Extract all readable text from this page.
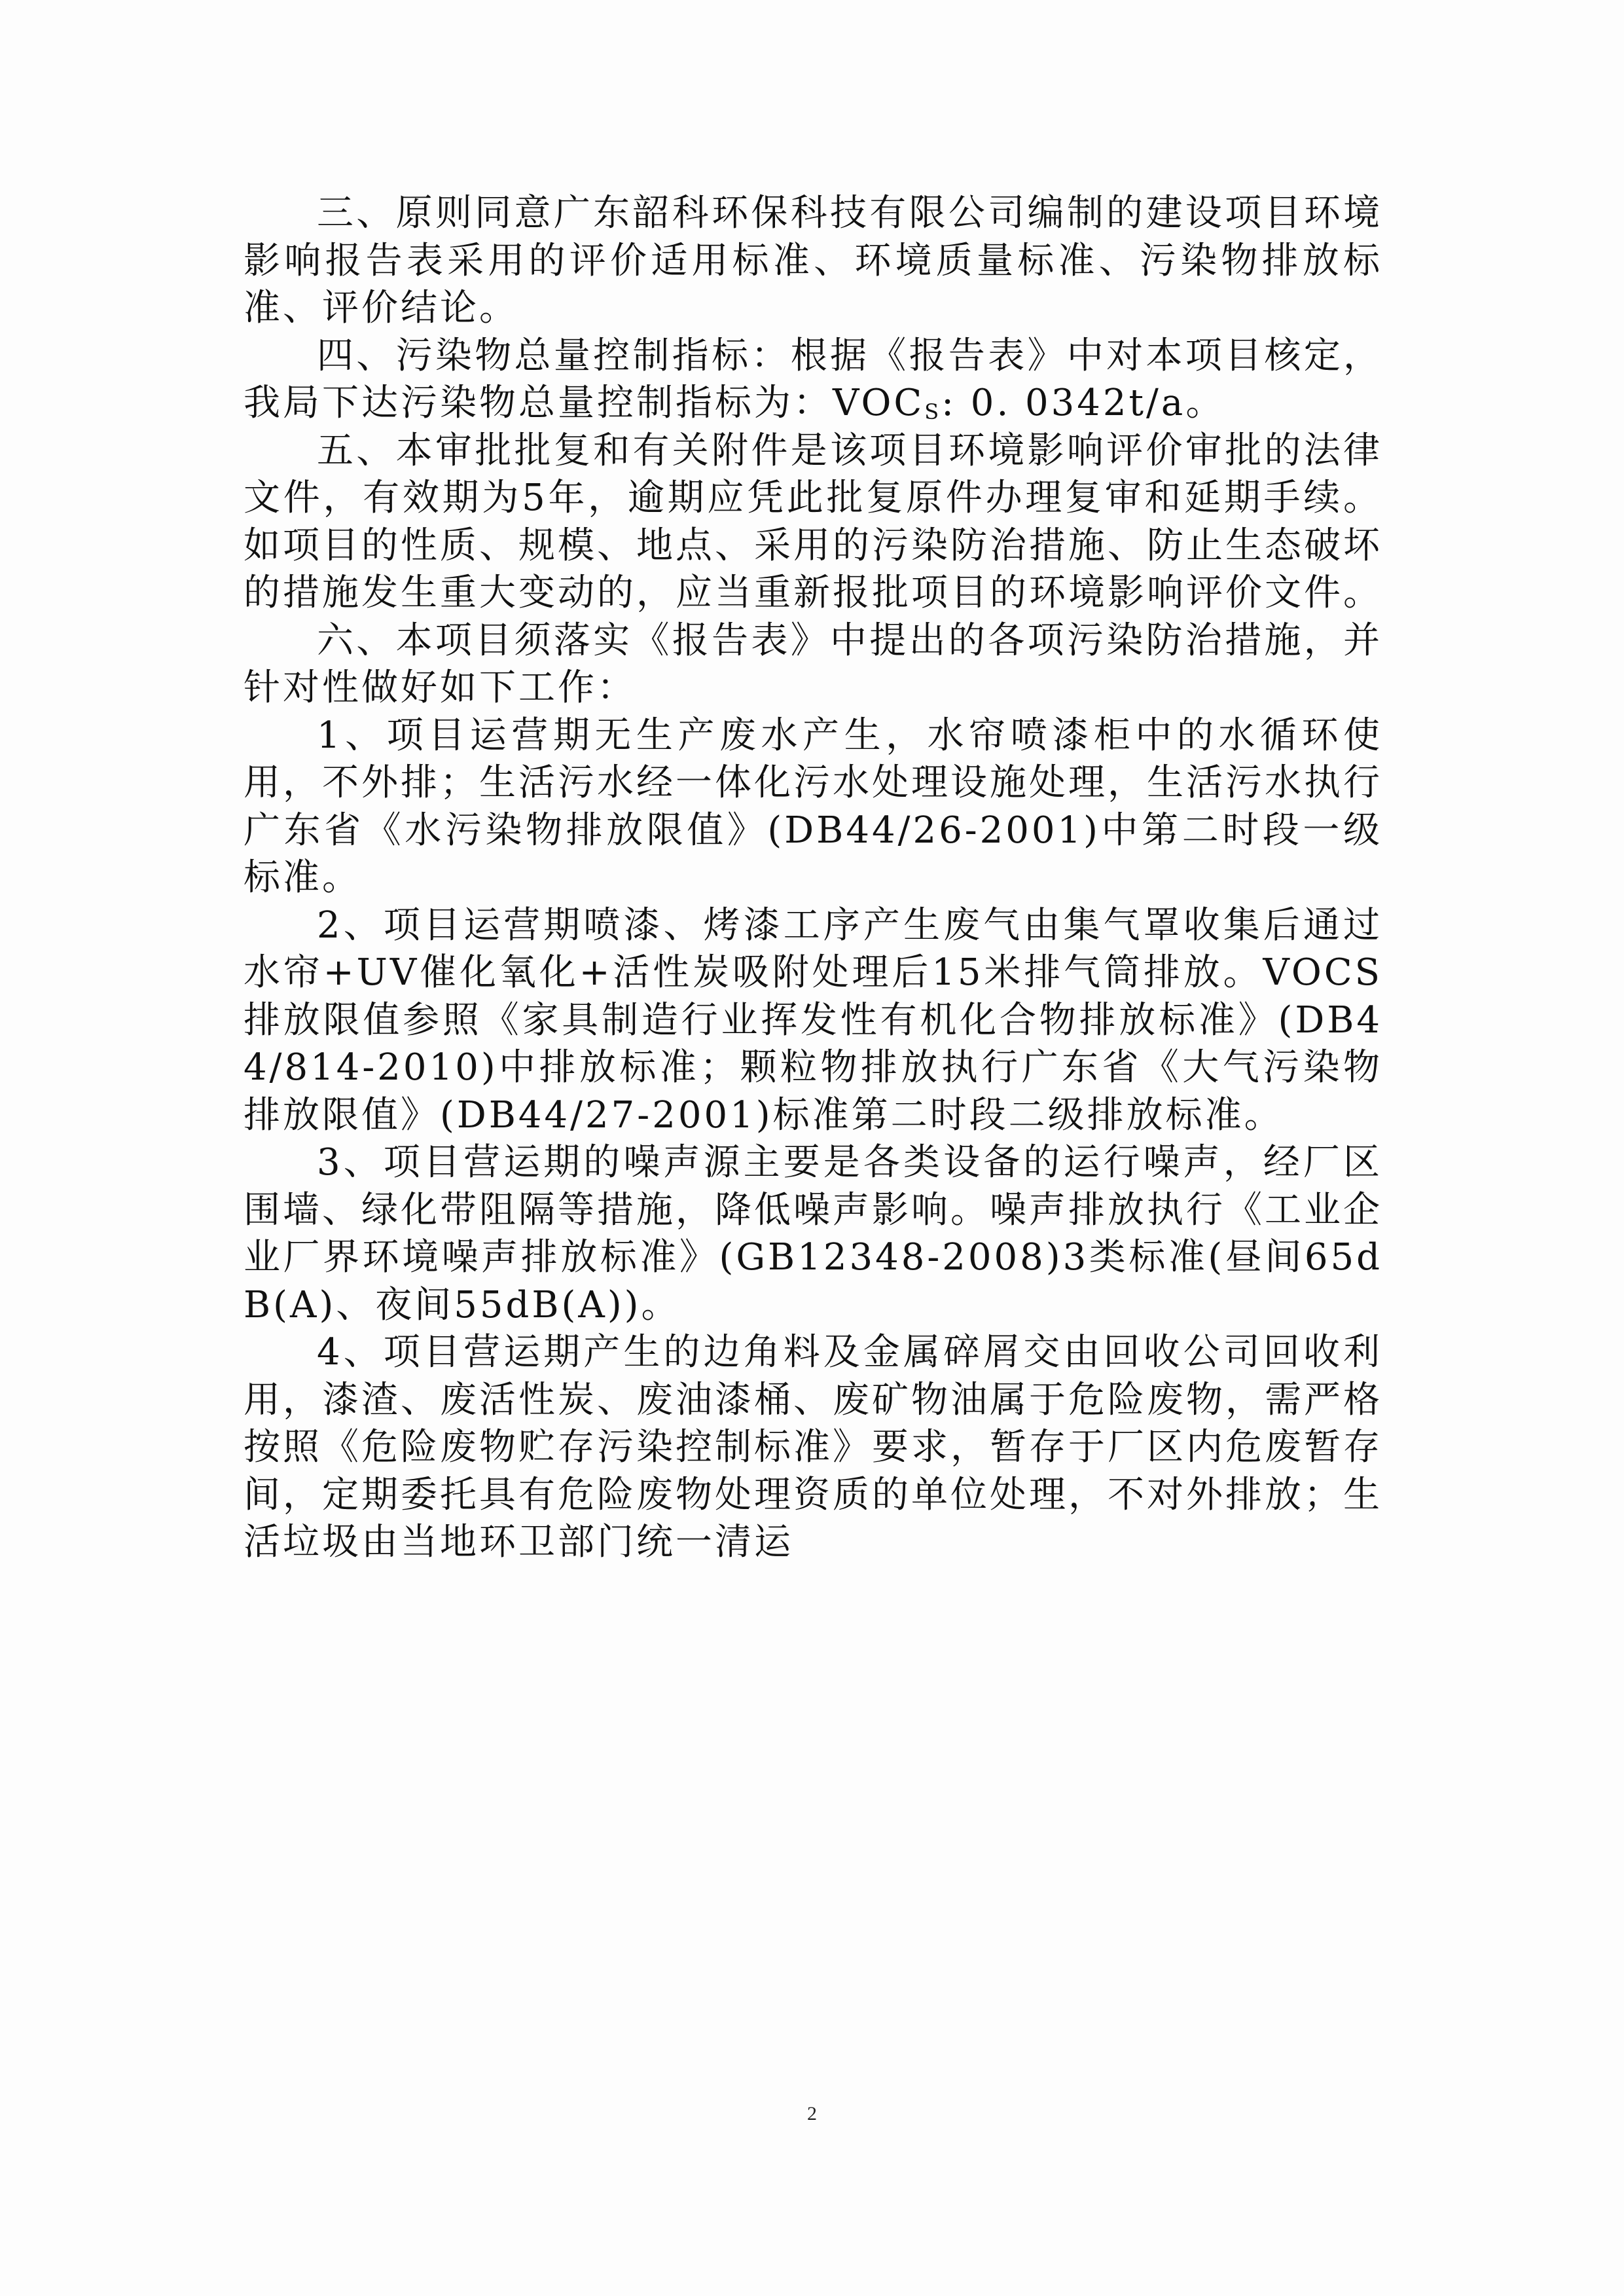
三、原则同意广东韶科环保科技有限公司编制的建设项目环境影响报告表采用的评价适用标准、环境质量标准、污染物排放标准、评价结论。

四、污染物总量控制指标：根据《报告表》中对本项目核定，我局下达污染物总量控制指标为：$VOC_S$: 0. 0342t/a。

五、本审批批复和有关附件是该项目环境影响评价审批的法律文件，有效期为5年，逾期应凭此批复原件办理复审和延期手续。如项目的性质、规模、地点、采用的污染防治措施、防止生态破坏的措施发生重大变动的，应当重新报批项目的环境影响评价文件。

六、本项目须落实《报告表》中提出的各项污染防治措施，并针对性做好如下工作：

1、项目运营期无生产废水产生，水帘喷漆柜中的水循环使用，不外排；生活污水经一体化污水处理设施处理，生活污水执行广东省《水污染物排放限值》(DB44/26-2001)中第二时段一级标准。

2、项目运营期喷漆、烤漆工序产生废气由集气罩收集后通过水帘+UV催化氧化+活性炭吸附处理后15米排气筒排放。VOCS排放限值参照《家具制造行业挥发性有机化合物排放标准》(DB44/814-2010)中排放标准；颗粒物排放执行广东省《大气污染物排放限值》(DB44/27-2001)标准第二时段二级排放标准。

3、项目营运期的噪声源主要是各类设备的运行噪声，经厂区围墙、绿化带阻隔等措施，降低噪声影响。噪声排放执行《工业企业厂界环境噪声排放标准》(GB12348-2008)3类标准(昼间65dB(A)、夜间55dB(A))。

4、项目营运期产生的边角料及金属碎屑交由回收公司回收利用，漆渣、废活性炭、废油漆桶、废矿物油属于危险废物，需严格按照《危险废物贮存污染控制标准》要求，暂存于厂区内危废暂存间，定期委托具有危险废物处理资质的单位处理，不对外排放；生活垃圾由当地环卫部门统一清运

2
